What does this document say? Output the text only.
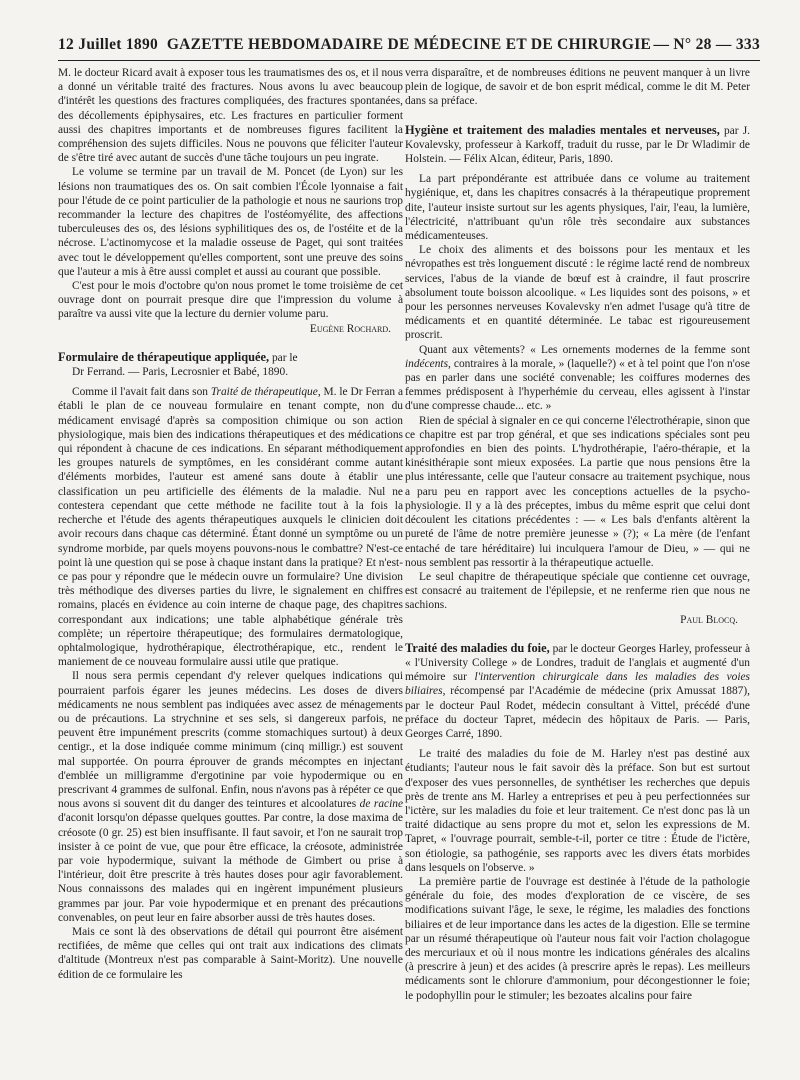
12 Juillet 1890 GAZETTE HEBDOMADAIRE DE MÉDECINE ET DE CHIRURGIE — N° 28 — 333

M. le docteur Ricard avait à exposer tous les traumatismes des os, et il nous a donné un véritable traité des fractures. Nous avons lu avec beaucoup d'intérêt les questions des fractures compliquées, des fractures spontanées, des décollements épiphysaires, etc. Les fractures en particulier forment aussi des chapitres importants et de nombreuses figures facilitent la compréhension des sujets difficiles. Nous ne pouvons que féliciter l'auteur de s'être tiré avec autant de succès d'une tâche toujours un peu ingrate.

Le volume se termine par un travail de M. Poncet (de Lyon) sur les lésions non traumatiques des os. On sait combien l'École lyonnaise a fait pour l'étude de ce point particulier de la pathologie et nous ne saurions trop recommander la lecture des chapitres de l'ostéomyélite, des affections tuberculeuses des os, des lésions syphilitiques des os, de l'ostéite et de la nécrose. L'actinomycose et la maladie osseuse de Paget, qui sont traitées avec tout le développement qu'elles comportent, sont une preuve des soins que l'auteur a mis à être aussi complet et aussi au courant que possible.

C'est pour le mois d'octobre qu'on nous promet le tome troisième de cet ouvrage dont on pourrait presque dire que l'impression du volume à paraître va aussi vite que la lecture du dernier volume paru.

Eugène Rochard.

Formulaire de thérapeutique appliquée, par le

Dr Ferrand. — Paris, Lecrosnier et Babé, 1890.

Comme il l'avait fait dans son Traité de thérapeutique, M. le Dr Ferran a établi le plan de ce nouveau formulaire en tenant compte, non du médicament envisagé d'après sa composition chimique ou son action physiologique, mais bien des indications thérapeutiques et des médications qui répondent à chacune de ces indications. En séparant méthodiquement les groupes naturels de symptômes, en les considérant comme autant d'éléments morbides, l'auteur est amené sans doute à établir une classification un peu artificielle des éléments de la maladie. Nul ne contestera cependant que cette méthode ne facilite tout à la fois la recherche et l'étude des agents thérapeutiques auxquels le clinicien doit avoir recours dans chaque cas déterminé. Étant donné un symptôme ou un syndrome morbide, par quels moyens pouvons-nous le combattre? N'est-ce point là une question qui se pose à chaque instant dans la pratique? Et n'est-ce pas pour y répondre que le médecin ouvre un formulaire? Une division très méthodique des diverses parties du livre, le signalement en chiffres romains, placés en évidence au coin interne de chaque page, des chapitres correspondant aux indications; une table alphabétique générale très complète; un répertoire thérapeutique; des formulaires dermatologique, ophtalmologique, hydrothérapique, électrothérapique, etc., rendent le maniement de ce nouveau formulaire aussi utile que pratique.

Il nous sera permis cependant d'y relever quelques indications qui pourraient parfois égarer les jeunes médecins. Les doses de divers médicaments ne nous semblent pas indiquées avec assez de ménagements ou de précautions. La strychnine et ses sels, si dangereux parfois, ne peuvent être impunément prescrits (comme stomachiques surtout) à deux centigr., et la dose indiquée comme minimum (cinq milligr.) est souvent mal supportée. On pourra éprouver de grands mécomptes en injectant d'emblée un milligramme d'ergotinine par voie hypodermique ou en prescrivant 4 grammes de sulfonal. Enfin, nous n'avons pas à répéter ce que nous avons si souvent dit du danger des teintures et alcoolatures de racine d'aconit lorsqu'on dépasse quelques gouttes. Par contre, la dose maxima de créosote (0 gr. 25) est bien insuffisante. Il faut savoir, et l'on ne saurait trop insister à ce point de vue, que pour être efficace, la créosote, administrée par voie hypodermique, suivant la méthode de Gimbert ou prise à l'intérieur, doit être prescrite à très hautes doses pour agir favorablement. Nous connaissons des malades qui en ingèrent impunément plusieurs grammes par jour. Par voie hypodermique et en prenant des précautions convenables, on peut leur en faire absorber aussi de très hautes doses.

Mais ce sont là des observations de détail qui pourront être aisément rectifiées, de même que celles qui ont trait aux indications des climats d'altitude (Montreux n'est pas comparable à Saint-Moritz). Une nouvelle édition de ce formulaire les

verra disparaître, et de nombreuses éditions ne peuvent manquer à un livre plein de logique, de savoir et de bon esprit médical, comme le dit M. Peter dans sa préface.

Hygiène et traitement des maladies mentales et nerveuses, par J. Kovalevsky, professeur à Karkoff, traduit du russe, par le Dr Wladimir de Holstein. — Félix Alcan, éditeur, Paris, 1890.

La part prépondérante est attribuée dans ce volume au traitement hygiénique, et, dans les chapitres consacrés à la thérapeutique proprement dite, l'auteur insiste surtout sur les agents physiques, l'air, l'eau, la lumière, l'électricité, n'attribuant qu'un rôle très secondaire aux substances médicamenteuses.

Le choix des aliments et des boissons pour les mentaux et les névropathes est très longuement discuté : le régime lacté rend de nombreux services, l'abus de la viande de bœuf est à craindre, il faut proscrire absolument toute boisson alcoolique. « Les liquides sont des poisons, » et pour les personnes nerveuses Kovalevsky n'en admet l'usage qu'à titre de médicaments et en quantité déterminée. Le tabac est rigoureusement proscrit.

Quant aux vêtements? « Les ornements modernes de la femme sont indécents, contraires à la morale, » (laquelle?) « et à tel point que l'on n'ose pas en parler dans une société convenable; les coiffures modernes des femmes prédisposent à l'hyperhémie du cerveau, elles agissent à l'instar d'une compresse chaude... etc. »

Rien de spécial à signaler en ce qui concerne l'électrothérapie, sinon que ce chapitre est par trop général, et que ses indications spéciales sont peu approfondies en bien des points. L'hydrothérapie, l'aéro-thérapie, et la kinésithérapie sont mieux exposées. La partie que nous pensions être la plus intéressante, celle que l'auteur consacre au traitement psychique, nous a paru peu en rapport avec les conceptions actuelles de la psycho-physiologie. Il y a là des préceptes, imbus du même esprit que celui dont découlent les citations précédentes : — « Les bals d'enfants altèrent la pureté de l'âme de notre première jeunesse » (?); « La mère (de l'enfant entaché de tare héréditaire) lui inculquera l'amour de Dieu, » — qui ne nous semblent pas ressortir à la thérapeutique actuelle.

Le seul chapitre de thérapeutique spéciale que contienne cet ouvrage, est consacré au traitement de l'épilepsie, et ne renferme rien que nous ne sachions.

Paul Blocq.

Traité des maladies du foie, par le docteur Georges Harley, professeur à « l'University College » de Londres, traduit de l'anglais et augmenté d'un mémoire sur l'intervention chirurgicale dans les maladies des voies biliaires, récompensé par l'Académie de médecine (prix Amussat 1887), par le docteur Paul Rodet, médecin consultant à Vittel, précédé d'une préface du docteur Tapret, médecin des hôpitaux de Paris. — Paris, Georges Carré, 1890.

Le traité des maladies du foie de M. Harley n'est pas destiné aux étudiants; l'auteur nous le fait savoir dès la préface. Son but est surtout d'exposer des vues personnelles, de synthétiser les recherches que depuis près de trente ans M. Harley a entreprises et peu à peu perfectionnées sur l'ictère, sur les maladies du foie et leur traitement. Ce n'est donc pas là un traité didactique au sens propre du mot et, selon les expressions de M. Tapret, « l'ouvrage pourrait, semble-t-il, porter ce titre : Étude de l'ictère, son étiologie, sa pathogénie, ses rapports avec les divers états morbides dans lesquels on l'observe. »

La première partie de l'ouvrage est destinée à l'étude de la pathologie générale du foie, des modes d'exploration de ce viscère, de ses modifications suivant l'âge, le sexe, le régime, les maladies des fonctions biliaires et de leur importance dans les actes de la digestion. Elle se termine par un résumé thérapeutique où l'auteur nous fait voir l'action cholagogue des mercuriaux et où il nous montre les indications générales des alcalins (à prescrire à jeun) et des acides (à prescrire après le repas). Les meilleurs médicaments sont le chlorure d'ammonium, pour décongestionner le foie; le podophyllin pour le stimuler; les bezoates alcalins pour faire
